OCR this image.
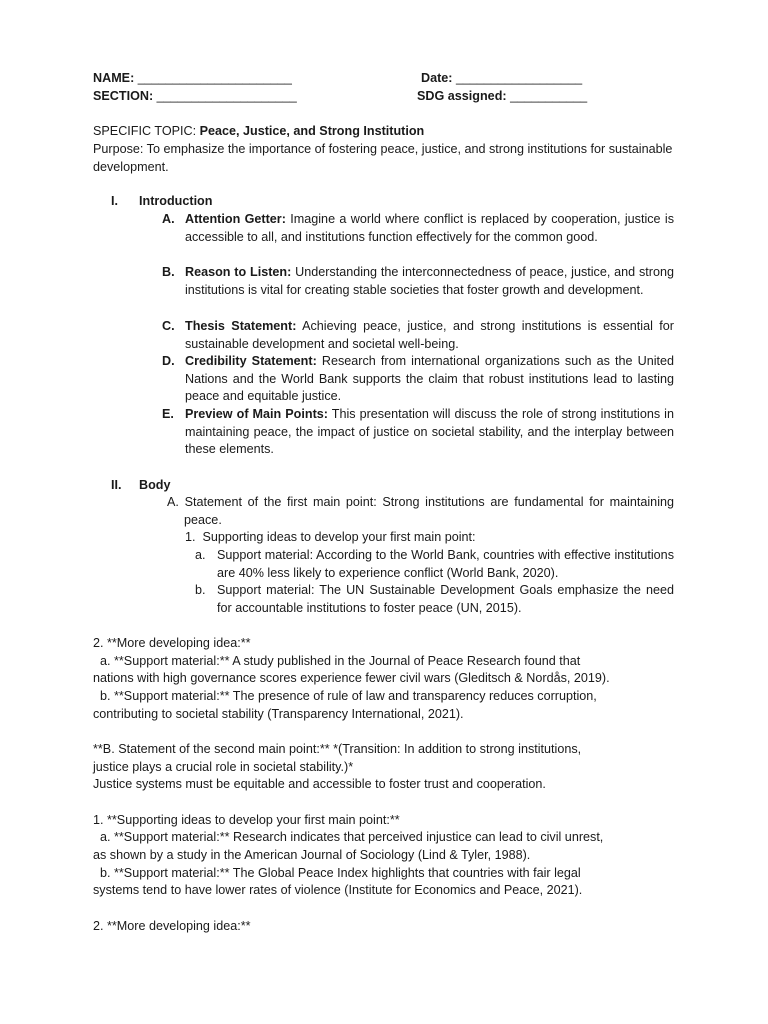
NAME: ______________________	Date: __________________
SECTION: ____________________	SDG assigned: ___________
SPECIFIC TOPIC: Peace, Justice, and Strong Institution
Purpose: To emphasize the importance of fostering peace, justice, and strong institutions for sustainable development.
I. Introduction
A. Attention Getter: Imagine a world where conflict is replaced by cooperation, justice is accessible to all, and institutions function effectively for the common good.
B. Reason to Listen: Understanding the interconnectedness of peace, justice, and strong institutions is vital for creating stable societies that foster growth and development.
C. Thesis Statement: Achieving peace, justice, and strong institutions is essential for sustainable development and societal well-being.
D. Credibility Statement: Research from international organizations such as the United Nations and the World Bank supports the claim that robust institutions lead to lasting peace and equitable justice.
E. Preview of Main Points: This presentation will discuss the role of strong institutions in maintaining peace, the impact of justice on societal stability, and the interplay between these elements.
II. Body
A. Statement of the first main point: Strong institutions are fundamental for maintaining peace.
1.  Supporting ideas to develop your first main point:
a. Support material: According to the World Bank, countries with effective institutions are 40% less likely to experience conflict (World Bank, 2020).
b. Support material: The UN Sustainable Development Goals emphasize the need for accountable institutions to foster peace (UN, 2015).
2. **More developing idea:**
a. **Support material:** A study published in the Journal of Peace Research found that
nations with high governance scores experience fewer civil wars (Gleditsch & Nordås, 2019).
b. **Support material:** The presence of rule of law and transparency reduces corruption,
contributing to societal stability (Transparency International, 2021).
**B. Statement of the second main point:** *(Transition: In addition to strong institutions,
justice plays a crucial role in societal stability.)*
Justice systems must be equitable and accessible to foster trust and cooperation.
1. **Supporting ideas to develop your first main point:**
a. **Support material:** Research indicates that perceived injustice can lead to civil unrest,
as shown by a study in the American Journal of Sociology (Lind & Tyler, 1988).
b. **Support material:** The Global Peace Index highlights that countries with fair legal
systems tend to have lower rates of violence (Institute for Economics and Peace, 2021).
2. **More developing idea:**
